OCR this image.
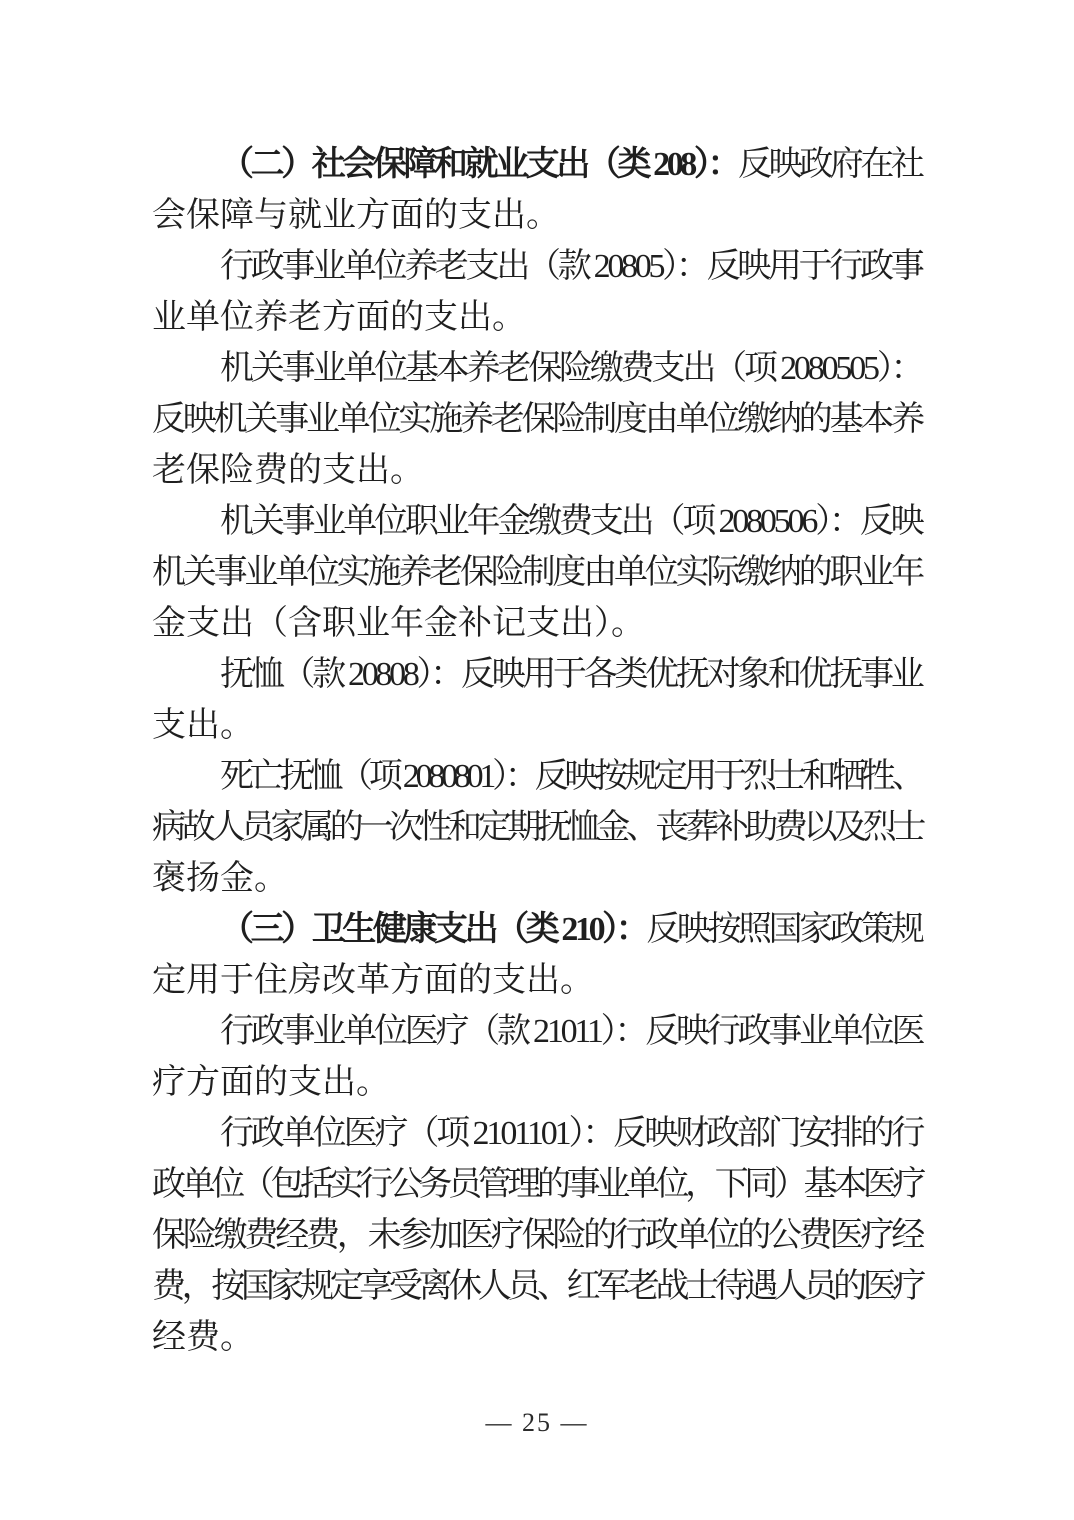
（二）社会保障和就业支出（类 208）：反映政府在社
会保障与就业方面的支出。
行政事业单位养老支出（款 20805）：反映用于行政事
业单位养老方面的支出。
机关事业单位基本养老保险缴费支出（项 2080505）：
反映机关事业单位实施养老保险制度由单位缴纳的基本养
老保险费的支出。
机关事业单位职业年金缴费支出（项 2080506）：反映
机关事业单位实施养老保险制度由单位实际缴纳的职业年
金支出（含职业年金补记支出）。
抚恤（款 20808）：反映用于各类优抚对象和优抚事业
支出。
死亡抚恤（项 2080801）：反映按规定用于烈士和牺牲、
病故人员家属的一次性和定期抚恤金、丧葬补助费以及烈士
褒扬金。
（三）卫生健康支出（类 210）：反映按照国家政策规
定用于住房改革方面的支出。
行政事业单位医疗（款 21011）：反映行政事业单位医
疗方面的支出。
行政单位医疗（项 2101101）：反映财政部门安排的行
政单位（包括实行公务员管理的事业单位，下同）基本医疗
保险缴费经费，未参加医疗保险的行政单位的公费医疗经
费，按国家规定享受离休人员、红军老战士待遇人员的医疗
经费。
— 25 —
